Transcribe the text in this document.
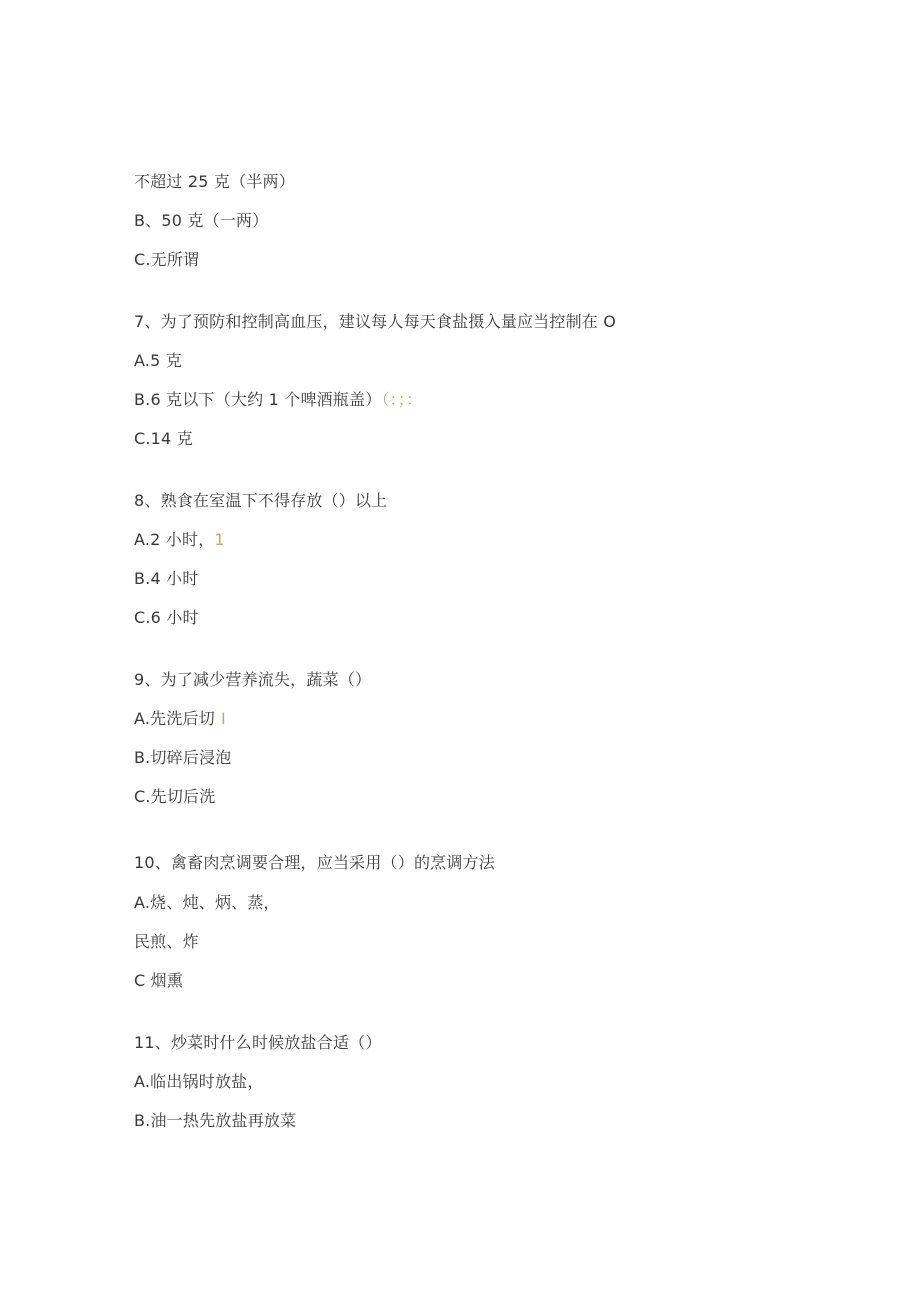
不超过 25 克（半两）
B、50 克（一两）
C.无所谓
7、为了预防和控制高血压，建议每人每天食盐摄入量应当控制在 O
A.5 克
B.6 克以下（大约 1 个啤酒瓶盖）（：；：
C.14 克
8、熟食在室温下不得存放（）以上
A.2 小时，1
B.4 小时
C.6 小时
9、为了减少营养流失，蔬菜（）
A.先洗后切 I
B.切碎后浸泡
C.先切后洗
10、禽畜肉烹调要合理，应当采用（）的烹调方法
A.烧、炖、炳、蒸，
民煎、炸
C 烟熏
11、炒菜时什么时候放盐合适（）
A.临出锅时放盐，
B.油一热先放盐再放菜
